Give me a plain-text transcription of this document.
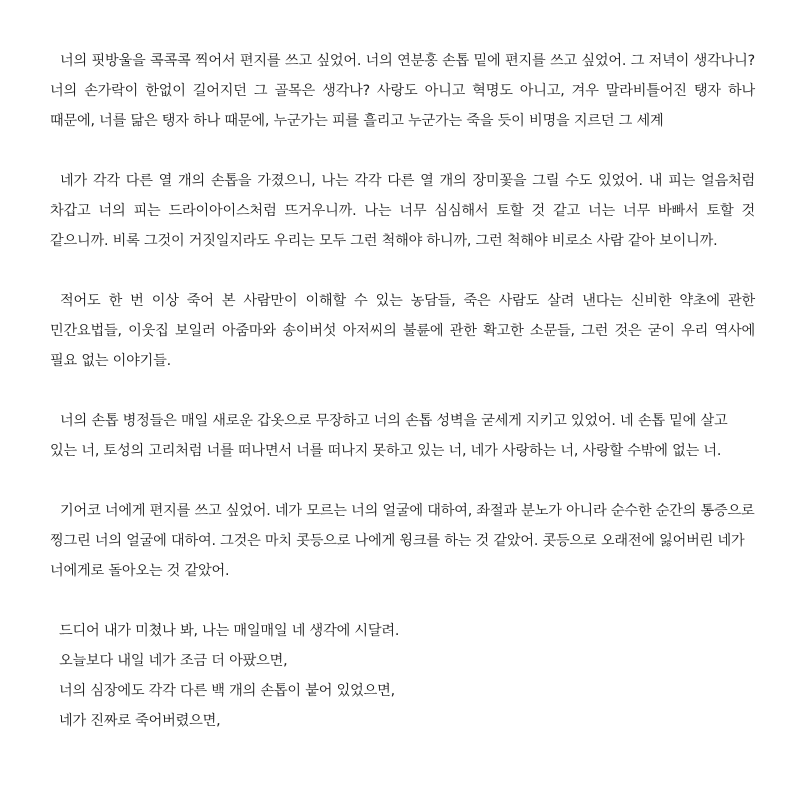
너의 핏방울을 콕콕콕 찍어서 편지를 쓰고 싶었어. 너의 연분홍 손톱 밑에 편지를 쓰고 싶었어. 그 저녁이 생각나니? 너의 손가락이 한없이 길어지던 그 골목은 생각나? 사랑도 아니고 혁명도 아니고, 겨우 말라비틀어진 탱자 하나 때문에, 너를 닮은 탱자 하나 때문에, 누군가는 피를 흘리고 누군가는 죽을 듯이 비명을 지르던 그 세계

네가 각각 다른 열 개의 손톱을 가졌으니, 나는 각각 다른 열 개의 장미꽃을 그릴 수도 있었어. 내 피는 얼음처럼 차갑고 너의 피는 드라이아이스처럼 뜨거우니까. 나는 너무 심심해서 토할 것 같고 너는 너무 바빠서 토할 것 같으니까. 비록 그것이 거짓일지라도 우리는 모두 그런 척해야 하니까, 그런 척해야 비로소 사람 같아 보이니까.

적어도 한 번 이상 죽어 본 사람만이 이해할 수 있는 농담들, 죽은 사람도 살려 낸다는 신비한 약초에 관한 민간요법들, 이웃집 보일러 아줌마와 송이버섯 아저씨의 불륜에 관한 확고한 소문들, 그런 것은 굳이 우리 역사에 필요 없는 이야기들.

너의 손톱 병정들은 매일 새로운 갑옷으로 무장하고 너의 손톱 성벽을 굳세게 지키고 있었어. 네 손톱 밑에 살고 있는 너, 토성의 고리처럼 너를 떠나면서 너를 떠나지 못하고 있는 너, 네가 사랑하는 너, 사랑할 수밖에 없는 너.

기어코 너에게 편지를 쓰고 싶었어. 네가 모르는 너의 얼굴에 대하여, 좌절과 분노가 아니라 순수한 순간의 통증으로 찡그린 너의 얼굴에 대하여. 그것은 마치 콧등으로 나에게 윙크를 하는 것 같았어. 콧등으로 오래전에 잃어버린 네가 너에게로 돌아오는 것 같았어.

드디어 내가 미쳤나 봐, 나는 매일매일 네 생각에 시달려.
오늘보다 내일 네가 조금 더 아팠으면,
너의 심장에도 각각 다른 백 개의 손톱이 붙어 있었으면,
네가 진짜로 죽어버렸으면,
